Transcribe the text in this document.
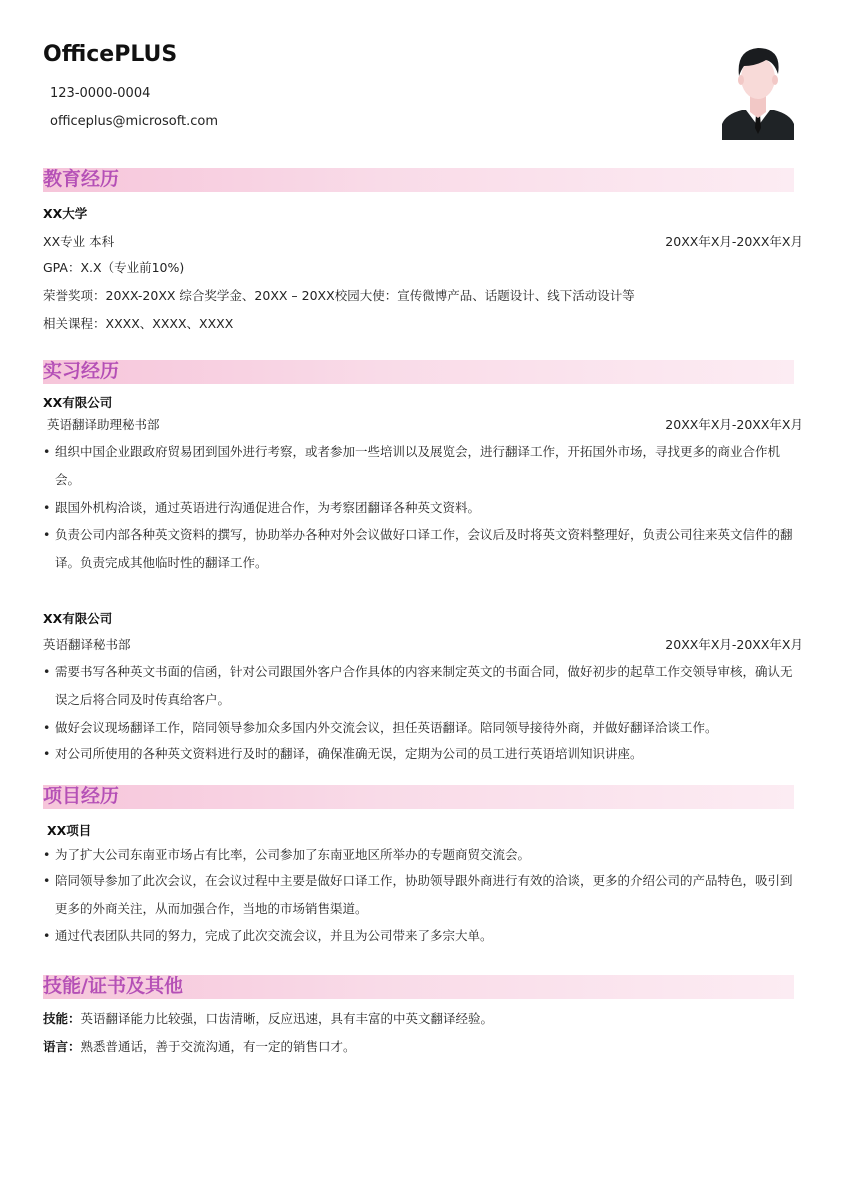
OfficePLUS
123-0000-0004
officeplus@microsoft.com
教育经历
XX大学
XX专业 本科	20XX年X月-20XX年X月
GPA：X.X（专业前10%)
荣誉奖项：20XX-20XX 综合奖学金、20XX – 20XX校园大使：宣传微博产品、话题设计、线下活动设计等
相关课程：XXXX、XXXX、XXXX
实习经历
XX有限公司
英语翻译助理秘书部	20XX年X月-20XX年X月
• 组织中国企业跟政府贸易团到国外进行考察，或者参加一些培训以及展览会，进行翻译工作，开拓国外市场，寻找更多的商业合作机会。
• 跟国外机构洽谈，通过英语进行沟通促进合作，为考察团翻译各种英文资料。
• 负责公司内部各种英文资料的撰写，协助举办各种对外会议做好口译工作，会议后及时将英文资料整理好，负责公司往来英文信件的翻译。负责完成其他临时性的翻译工作。
XX有限公司
英语翻译秘书部	20XX年X月-20XX年X月
• 需要书写各种英文书面的信函，针对公司跟国外客户合作具体的内容来制定英文的书面合同，做好初步的起草工作交领导审核，确认无误之后将合同及时传真给客户。
• 做好会议现场翻译工作，陪同领导参加众多国内外交流会议，担任英语翻译。陪同领导接待外商，并做好翻译洽谈工作。
• 对公司所使用的各种英文资料进行及时的翻译，确保准确无误，定期为公司的员工进行英语培训知识讲座。
项目经历
XX项目
• 为了扩大公司东南亚市场占有比率，公司参加了东南亚地区所举办的专题商贸交流会。
• 陪同领导参加了此次会议，在会议过程中主要是做好口译工作，协助领导跟外商进行有效的洽谈，更多的介绍公司的产品特色，吸引到更多的外商关注，从而加强合作，当地的市场销售渠道。
• 通过代表团队共同的努力，完成了此次交流会议，并且为公司带来了多宗大单。
技能/证书及其他
技能：英语翻译能力比较强，口齿清晰，反应迅速，具有丰富的中英文翻译经验。
语言：熟悉普通话，善于交流沟通，有一定的销售口才。
